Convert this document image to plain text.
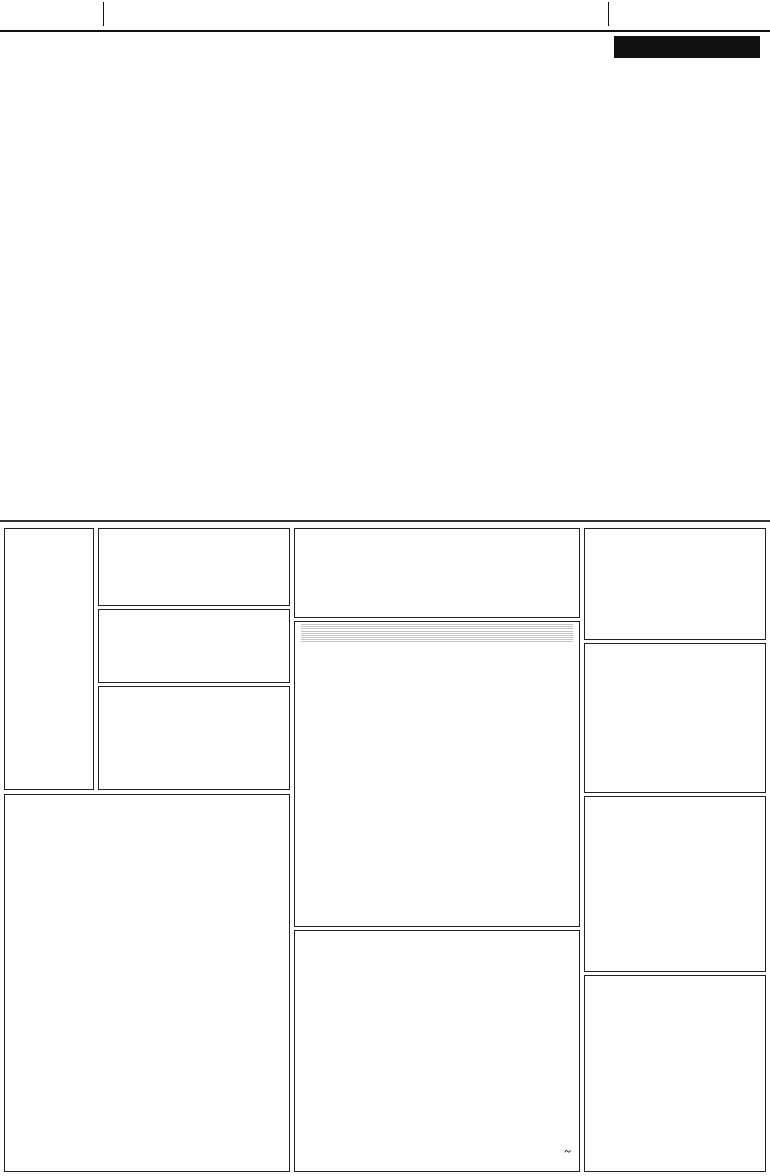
~
